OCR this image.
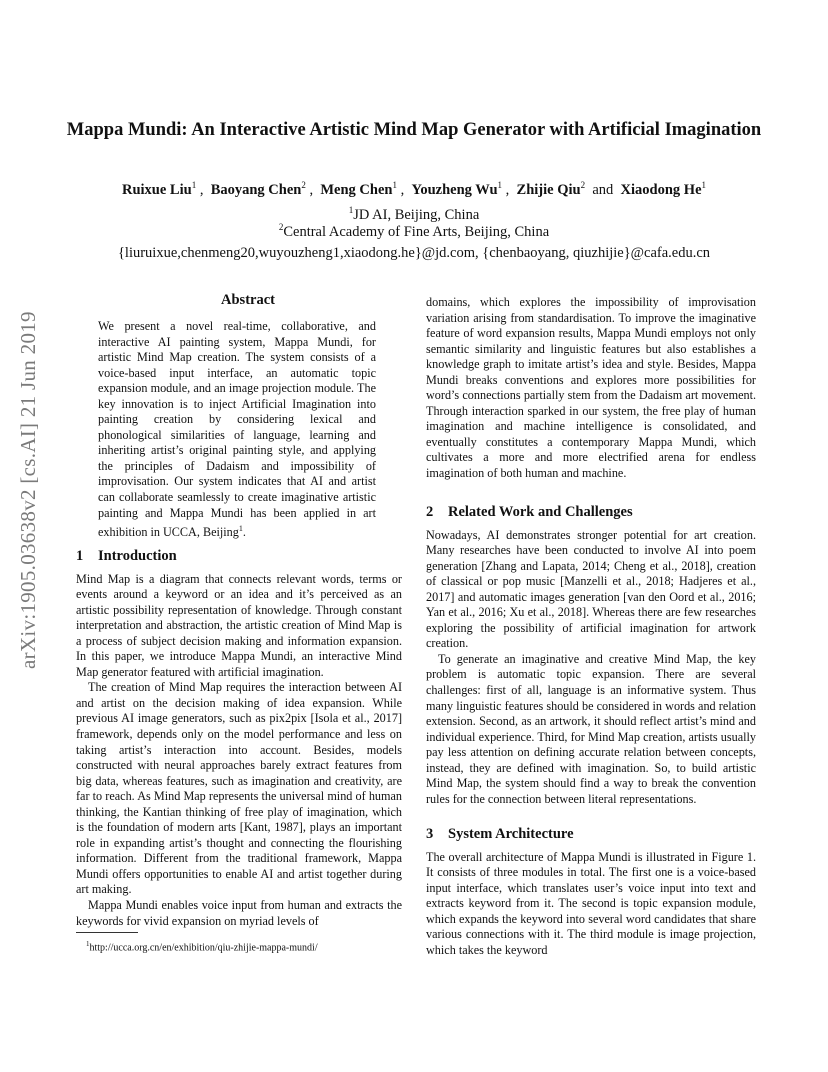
arXiv:1905.03638v2 [cs.AI] 21 Jun 2019
Mappa Mundi: An Interactive Artistic Mind Map Generator with Artificial Imagination
Ruixue Liu$^1$ ,  Baoyang Chen$^2$ ,  Meng Chen$^1$ ,  Youzheng Wu$^1$ ,  Zhijie Qiu$^2$ and Xiaodong He$^1$
$^1$JD AI, Beijing, China
$^2$Central Academy of Fine Arts, Beijing, China
{liuruixue,chenmeng20,wuyouzheng1,xiaodong.he}@jd.com, {chenbaoyang, qiuzhijie}@cafa.edu.cn
Abstract

We present a novel real-time, collaborative, and interactive AI painting system, Mappa Mundi, for artistic Mind Map creation. The system consists of a voice-based input interface, an automatic topic expansion module, and an image projection module. The key innovation is to inject Artificial Imagination into painting creation by considering lexical and phonological similarities of language, learning and inheriting artist’s original painting style, and applying the principles of Dadaism and impossibility of improvisation. Our system indicates that AI and artist can collaborate seamlessly to create imaginative artistic painting and Mappa Mundi has been applied in art exhibition in UCCA, Beijing$^1$.

1 Introduction

Mind Map is a diagram that connects relevant words, terms or events around a keyword or an idea and it’s perceived as an artistic possibility representation of knowledge. Through constant interpretation and abstraction, the artistic creation of Mind Map is a process of subject decision making and information expansion. In this paper, we introduce Mappa Mundi, an interactive Mind Map generator featured with artificial imagination.

The creation of Mind Map requires the interaction between AI and artist on the decision making of idea expansion. While previous AI image generators, such as pix2pix [Isola et al., 2017] framework, depends only on the model performance and less on taking artist’s interaction into account. Besides, models constructed with neural approaches barely extract features from big data, whereas features, such as imagination and creativity, are far to reach. As Mind Map represents the universal mind of human thinking, the Kantian thinking of free play of imagination, which is the foundation of modern arts [Kant, 1987], plays an important role in expanding artist’s thought and connecting the flourishing information. Different from the traditional framework, Mappa Mundi offers opportunities to enable AI and artist together during art making.

Mappa Mundi enables voice input from human and extracts the keywords for vivid expansion on myriad levels of

$^1$http://ucca.org.cn/en/exhibition/qiu-zhijie-mappa-mundi/

domains, which explores the impossibility of improvisation variation arising from standardisation. To improve the imaginative feature of word expansion results, Mappa Mundi employs not only semantic similarity and linguistic features but also establishes a knowledge graph to imitate artist’s idea and style. Besides, Mappa Mundi breaks conventions and explores more possibilities for word’s connections partially stem from the Dadaism art movement. Through interaction sparked in our system, the free play of human imagination and machine intelligence is consolidated, and eventually constitutes a contemporary Mappa Mundi, which cultivates a more and more electrified arena for endless imagination of both human and machine.

2 Related Work and Challenges

Nowadays, AI demonstrates stronger potential for art creation. Many researches have been conducted to involve AI into poem generation [Zhang and Lapata, 2014; Cheng et al., 2018], creation of classical or pop music [Manzelli et al., 2018; Hadjeres et al., 2017] and automatic images generation [van den Oord et al., 2016; Yan et al., 2016; Xu et al., 2018]. Whereas there are few researches exploring the possibility of artificial imagination for artwork creation.

To generate an imaginative and creative Mind Map, the key problem is automatic topic expansion. There are several challenges: first of all, language is an informative system. Thus many linguistic features should be considered in words and relation extension. Second, as an artwork, it should reflect artist’s mind and individual experience. Third, for Mind Map creation, artists usually pay less attention on defining accurate relation between concepts, instead, they are defined with imagination. So, to build artistic Mind Map, the system should find a way to break the convention rules for the connection between literal representations.

3 System Architecture

The overall architecture of Mappa Mundi is illustrated in Figure 1. It consists of three modules in total. The first one is a voice-based input interface, which translates user’s voice input into text and extracts keyword from it. The second is topic expansion module, which expands the keyword into several word candidates that share various connections with it. The third module is image projection, which takes the keyword
